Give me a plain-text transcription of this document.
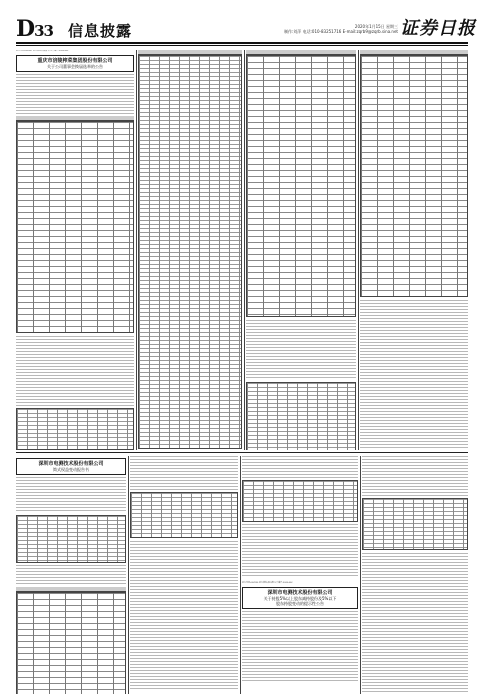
D33 信息披露	2020年1月15日 星期三
制作:刘萍 电话:010-83251716 E-mail:zqrb9@zqrb.sina.net 证券日报
证券代码:002507 证券简称:涪陵榨菜 公告编号:2020-001
重庆市涪陵榨菜集团股份有限公司
关于公司董事会换届选举的公告
深圳市电测技术股份有限公司
简式权益变动报告书
证券代码:002990 证券简称:深电测 公告编号:2020-002
深圳市电测技术股份有限公司
关于持股5%以上股东减持股份及5%以下
股东持股变动的提示性公告
